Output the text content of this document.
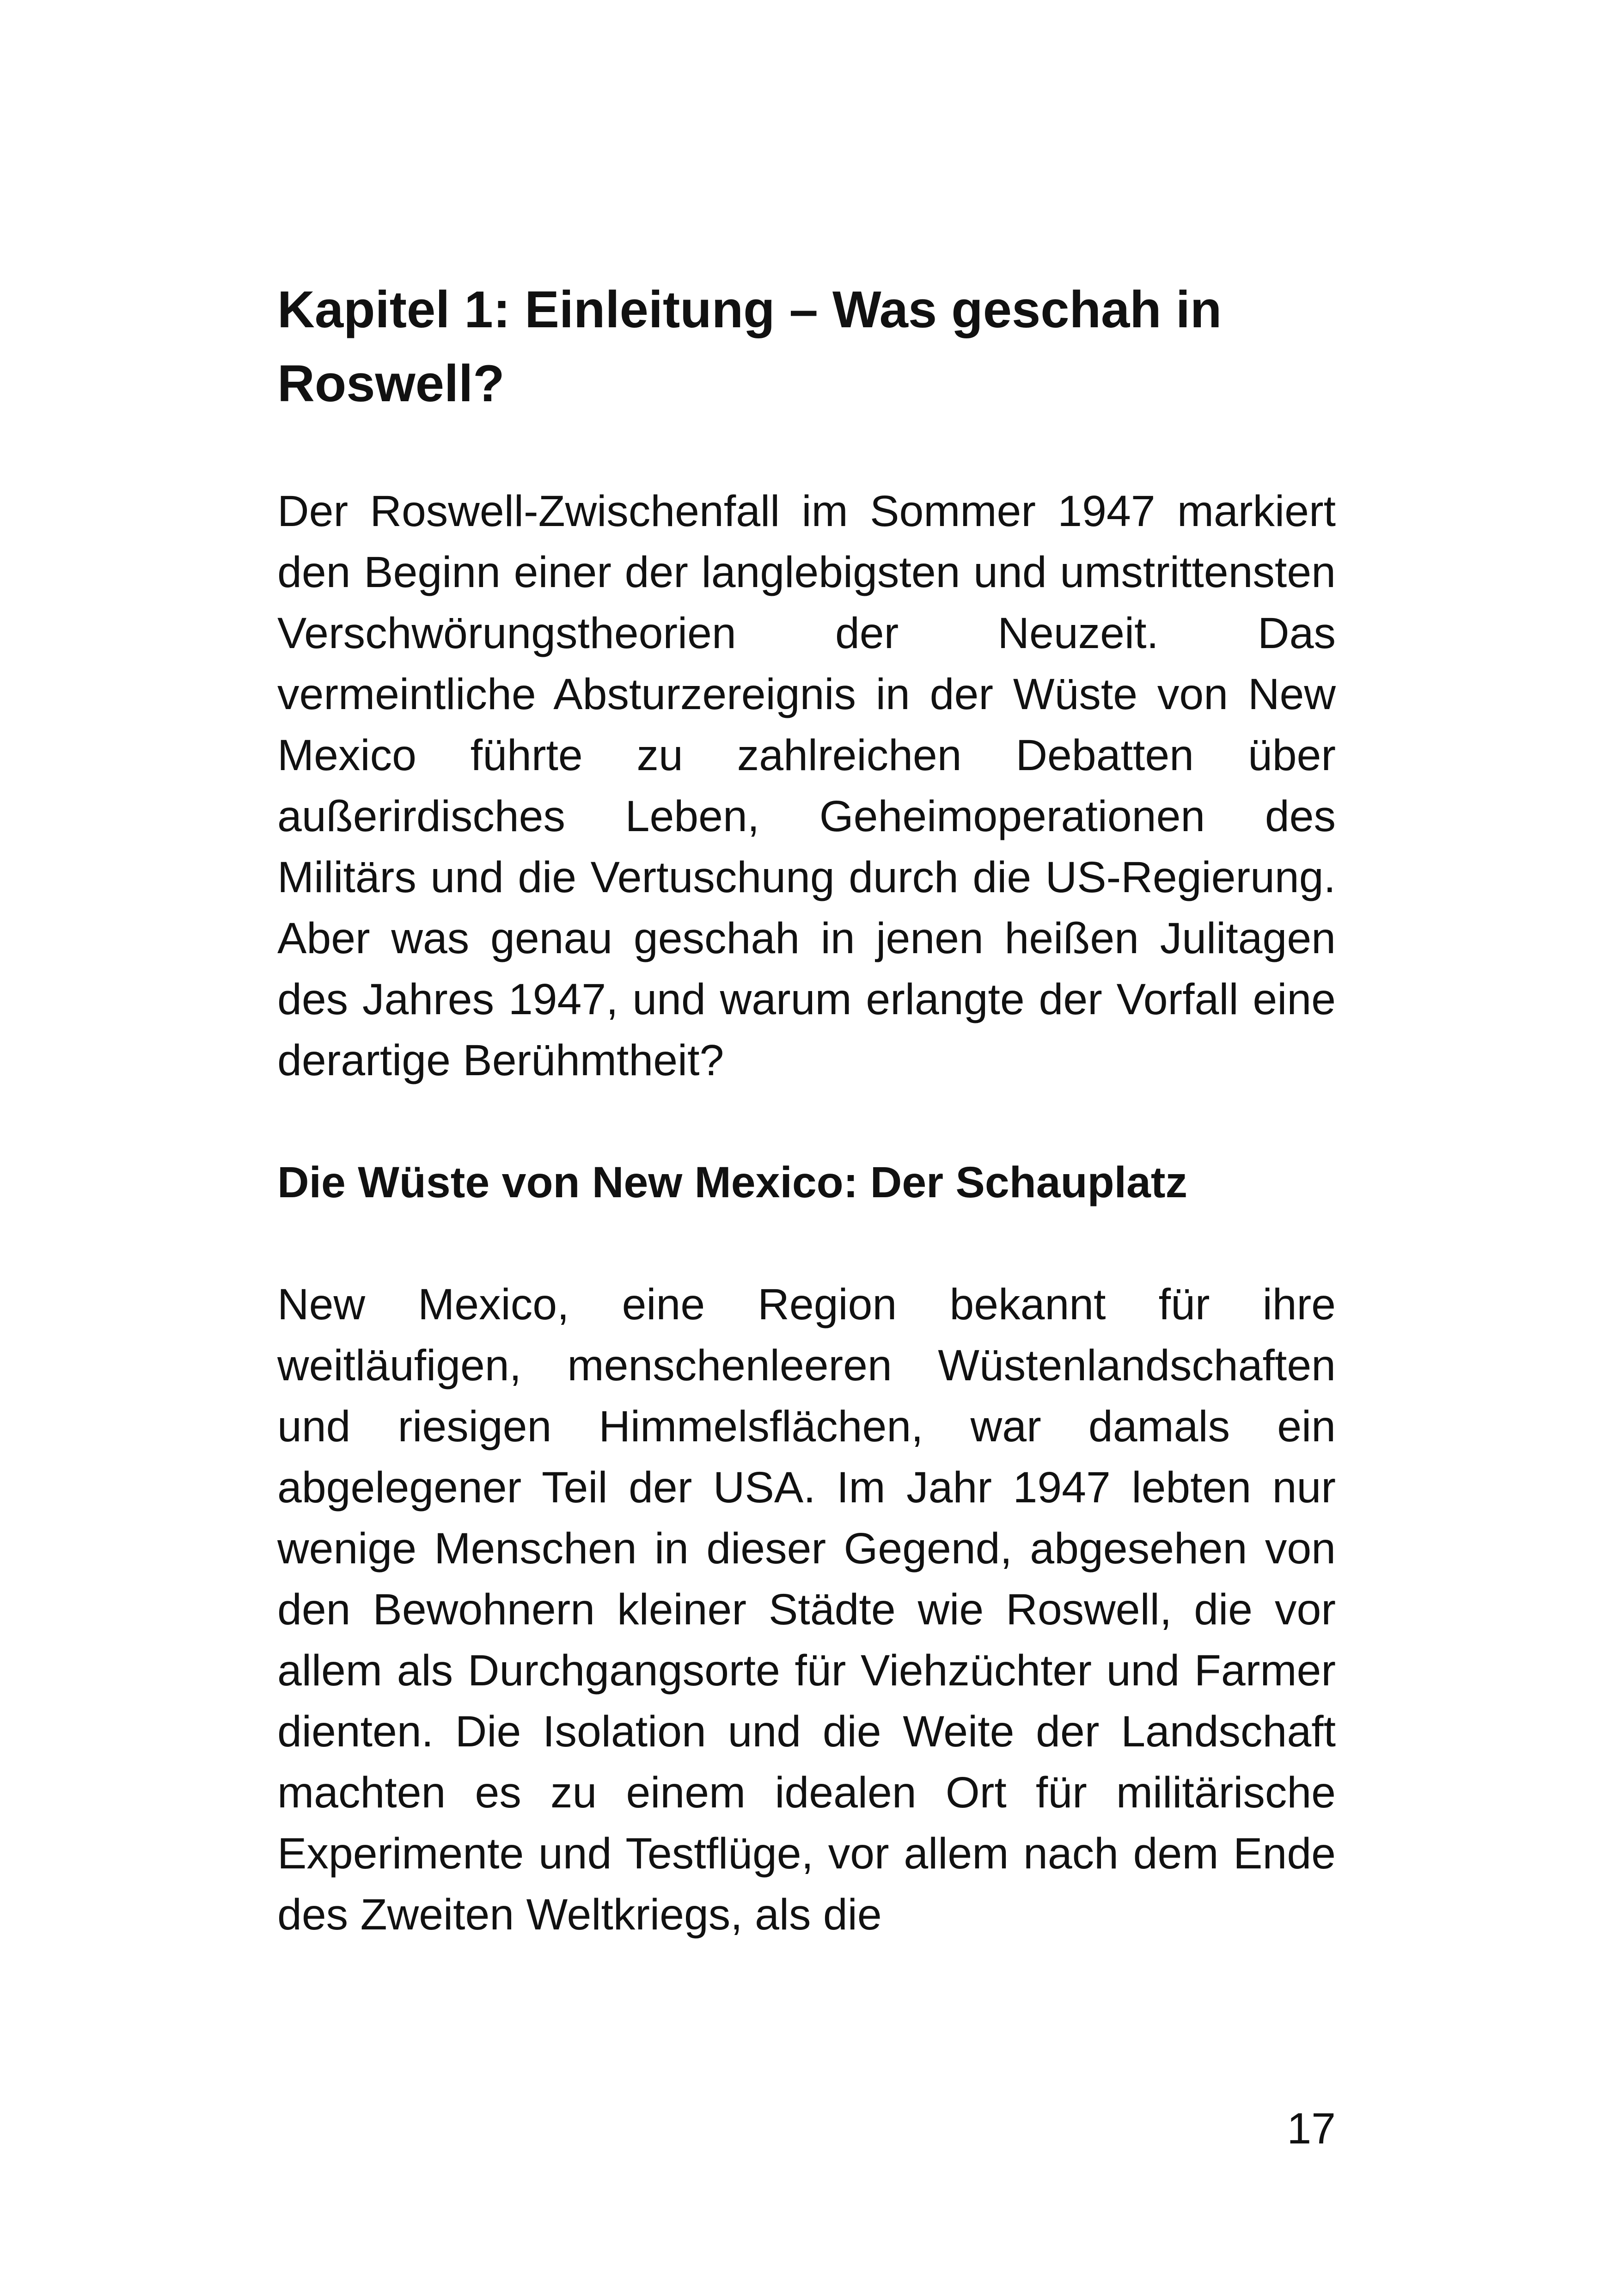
Kapitel 1: Einleitung – Was geschah in Roswell?

Der Roswell-Zwischenfall im Sommer 1947 markiert den Beginn einer der langlebigsten und umstrittensten Verschwörungstheorien der Neuzeit. Das vermeintliche Absturzereignis in der Wüste von New Mexico führte zu zahlreichen Debatten über außerirdisches Leben, Geheimoperationen des Militärs und die Vertuschung durch die US-Regierung. Aber was genau geschah in jenen heißen Julitagen des Jahres 1947, und warum erlangte der Vorfall eine derartige Berühmtheit?

Die Wüste von New Mexico: Der Schauplatz

New Mexico, eine Region bekannt für ihre weitläufigen, menschenleeren Wüstenlandschaften und riesigen Himmelsflächen, war damals ein abgelegener Teil der USA. Im Jahr 1947 lebten nur wenige Menschen in dieser Gegend, abgesehen von den Bewohnern kleiner Städte wie Roswell, die vor allem als Durchgangsorte für Viehzüchter und Farmer dienten. Die Isolation und die Weite der Landschaft machten es zu einem idealen Ort für militärische Experimente und Testflüge, vor allem nach dem Ende des Zweiten Weltkriegs, als die

17
